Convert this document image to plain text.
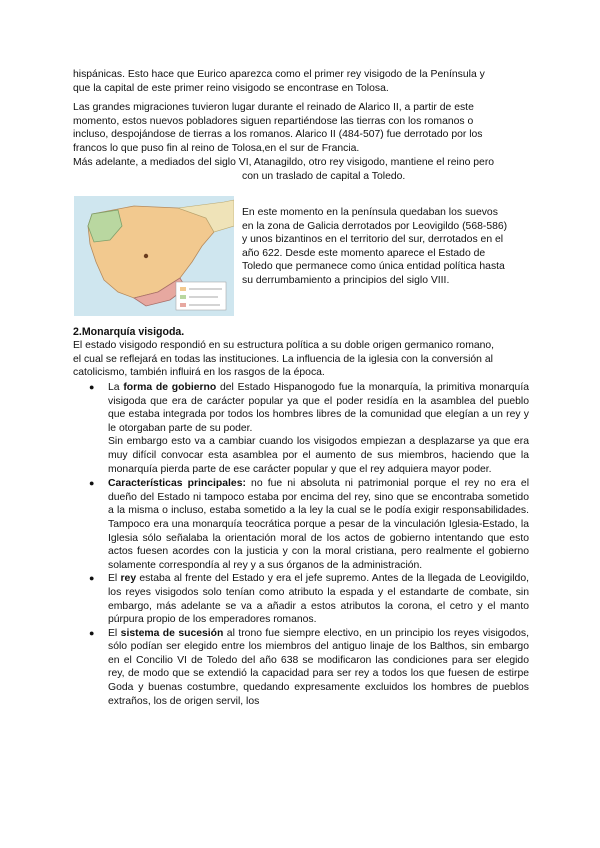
hispánicas. Esto hace que Eurico aparezca como el primer rey visigodo de la Península y
que la capital de este primer reino visigodo se encontrase en Tolosa.
Las grandes migraciones tuvieron lugar durante el reinado de Alarico II, a partir de este
momento, estos nuevos pobladores siguen repartiéndose las tierras con los romanos o
incluso, despojándose de tierras a los romanos. Alarico II (484-507) fue derrotado por los
francos lo que puso fin al reino de Tolosa,en el sur de Francia.
Más adelante, a mediados del siglo VI, Atanagildo, otro rey visigodo, mantiene el reino pero
con un traslado de capital a Toledo.
En este momento en la península quedaban los suevos
en la zona de Galicia derrotados por Leovigildo (568-586)
y unos bizantinos en el territorio del sur, derrotados en el
año 622. Desde este momento aparece el Estado de
Toledo que permanece como única entidad política hasta
su derrumbamiento a principios del siglo VIII.
2.Monarquía visigoda.
El estado visigodo respondió en su estructura política a su doble origen germanico romano,
el cual se reflejará en todas las instituciones. La influencia de la iglesia con la conversión al
catolicismo, también influirá en los rasgos de la época.
● La forma de gobierno del Estado Hispanogodo fue la monarquía, la primitiva monarquía visigoda que era de carácter popular ya que el poder residía en la asamblea del pueblo que estaba integrada por todos los hombres libres de la comunidad que elegían a un rey y le otorgaban parte de su poder.
Sin embargo esto va a cambiar cuando los visigodos empiezan a desplazarse ya que era muy difícil convocar esta asamblea por el aumento de sus miembros, haciendo que la monarquía pierda parte de ese carácter popular y que el rey adquiera mayor poder.
● Características principales: no fue ni absoluta ni patrimonial porque el rey no era el dueño del Estado ni tampoco estaba por encima del rey, sino que se encontraba sometido a la misma o incluso, estaba sometido a la ley la cual se le podía exigir responsabilidades. Tampoco era una monarquía teocrática porque a pesar de la vinculación Iglesia-Estado, la Iglesia sólo señalaba la orientación moral de los actos de gobierno intentando que esto actos fuesen acordes con la justicia y con la moral cristiana, pero realmente el gobierno solamente correspondía al rey y a sus órganos de la administración.
● El rey estaba al frente del Estado y era el jefe supremo. Antes de la llegada de Leovigildo, los reyes visigodos solo tenían como atributo la espada y el estandarte de combate, sin embargo, más adelante se va a añadir a estos atributos la corona, el cetro y el manto púrpura propio de los emperadores romanos.
● El sistema de sucesión al trono fue siempre electivo, en un principio los reyes visigodos, sólo podían ser elegido entre los miembros del antiguo linaje de los Balthos, sin embargo en el Concilio VI de Toledo del año 638 se modificaron las condiciones para ser elegido rey, de modo que se extendió la capacidad para ser rey a todos los que fuesen de estirpe Goda y buenas costumbre, quedando expresamente excluidos los hombres de pueblos extraños, los de origen servil, los
